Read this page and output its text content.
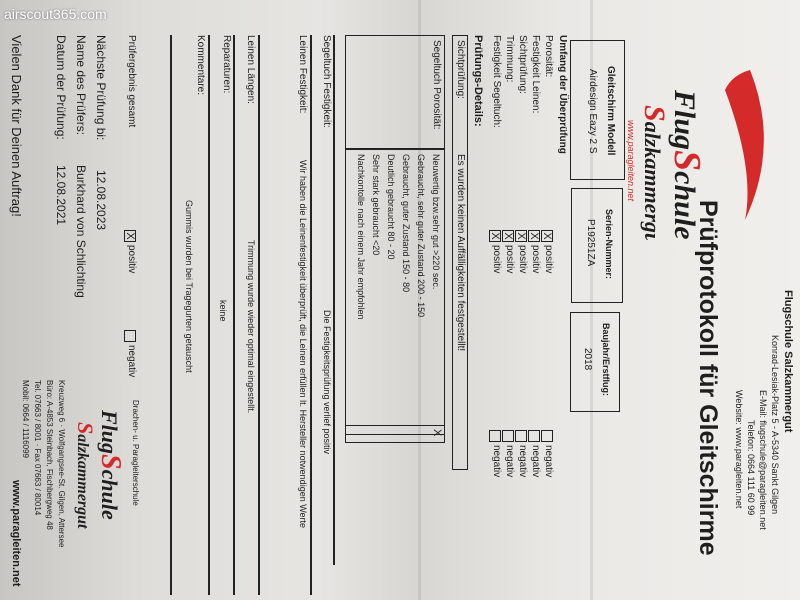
Flugschule Salzkammergut
Konrad-Lesiak-Platz 5 - A-5340 Sankt Gilgen
E-Mail: flugschule@paragleiten.net
Telefon: 0664 111 60 99
Website: www.paragleiten.net
Prüfprotokoll für Gleitschirme
FlugSchule
Salzkammergut
www.paragleiten.net
Gleitschirm Modell
Airdesign Eazy 2 S
Serien-Nummer:
P19251ZA
Baujahr/Erstflug:
2018
Umfang der Überprüfung
Porosität:
X
positiv
negativ
Festigkeit Leinen:
X
positiv
negativ
Sichtprüfung:
X
positiv
negativ
Trimmung:
X
positiv
negativ
Festigkeit Segeltuch:
X
positiv
negativ
Prüfungs-Details:
Sichtprüfung:
Es wurden keinen Auffälligkeiten festgestellt!
Segeltuch Porosität:
Neuwertig bzw.sehr gut >220 sec.
Gebraucht, sehr guter Zustand 200 - 150
Gebraucht, guter Zustand 150 - 80
Deutlich gebraucht 80 - 20
Sehr stark gebraucht <20
Nachkontolle nach einem Jahr empfohlen
X
Segeltuch Festigkeit:
Die Festigkeitsprüfung verlief positiv
Leinen Festigkeit:
Wir haben die Leinenfestigkeit überprüft, die Leinen erfüllen lt. Hersteller notwendigen Werte
Leinen Längen:
Trimmung wurde wieder optimal eingestellt.
Reparaturen:
keine
Kommentare:
Gummis wurden bei Tragegurten getauscht
Prüfergebnis gesamt
X
positiv
negativ
Nächste Prüfung bi:
12.08.2023
Name des Prüfers:
Burkhard von Schlichting
Datum der Prüfung:
12.08.2021
Vielen Dank für Deinen Auftrag!
Drachen- u. Paragleiterschule
FlugSchule
Salzkammergut
Kreuzweg 6 · Wolfgangsee-St. Gilgen, Attersee
Büro: A-4853 Steinbach, Fischbergweg 48
Tel. 07663 / 8001 · Fax 07663 / 80014
Mobil: 0664 / 1116099
www.paragleiten.net
airscout365.com
